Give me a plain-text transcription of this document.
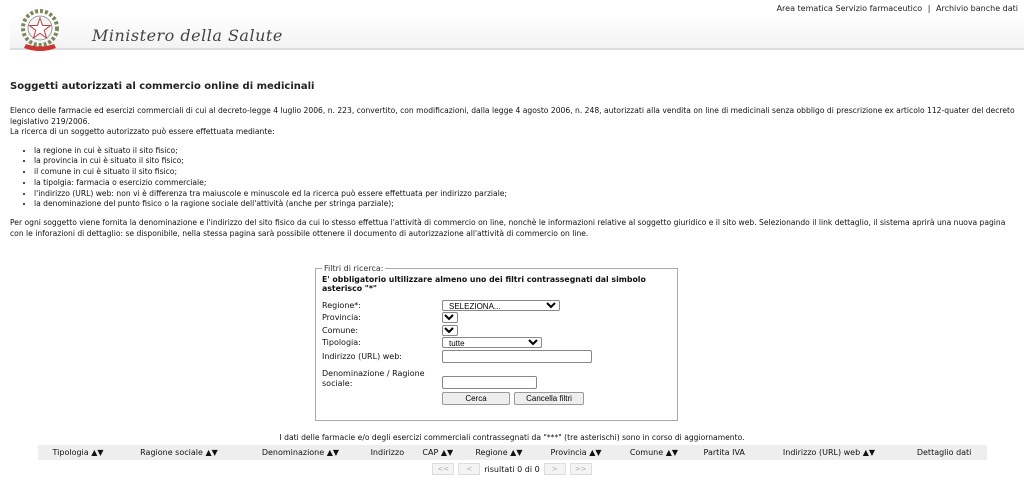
Area tematica Servizio farmaceutico | Archivio banche dati
Ministero della Salute
Soggetti autorizzati al commercio online di medicinali

Elenco delle farmacie ed esercizi commerciali di cui al decreto-legge 4 luglio 2006, n. 223, convertito, con modificazioni, dalla legge 4 agosto 2006, n. 248, autorizzati alla vendita on line di medicinali senza obbligo di prescrizione ex articolo 112-quater del decreto legislativo 219/2006.

La ricerca di un soggetto autorizzato può essere effettuata mediante:

• la regione in cui è situato il sito fisico;
• la provincia in cui è situato il sito fisico;
• il comune in cui è situato il sito fisico;
• la tipolgia: farmacia o esercizio commerciale;
• l'indirizzo (URL) web: non vi è differenza tra maiuscole e minuscole ed la ricerca può essere effettuata per indirizzo parziale;
• la denominazione del punto fisico o la ragione sociale dell'attività (anche per stringa parziale);

Per ogni soggetto viene fornita la denominazione e l'indirizzo del sito fisico da cui lo stesso effettua l'attività di commercio on line, nonchè le informazioni relative al soggetto giuridico e il sito web. Selezionando il link dettaglio, il sistema aprirà una nuova pagina con le inforazioni di dettaglio: se disponibile, nella stessa pagina sarà possibile ottenere il documento di autorizzazione all'attività di commercio on line.

Filtri di ricerca:
E' obbligatorio ultilizzare almeno uno dei filtri contrassegnati dal simbolo asterisco "*"
Regione*:
SELEZIONA...
Provincia:
-
Comune:
-
Tipologia:
tutte
Indirizzo (URL) web:
Denominazione / Ragione sociale:
Cerca	Cancella filtri
I dati delle farmacie e/o degli esercizi commerciali contrassegnati da "***" (tre asterischi) sono in corso di aggiornamento.
Tipologia ▲▼	Ragione sociale ▲▼	Denominazione ▲▼	Indirizzo	CAP ▲▼	Regione ▲▼	Provincia ▲▼	Comune ▲▼	Partita IVA	Indirizzo (URL) web ▲▼	Dettaglio dati
<<	<	risultati 0 di 0	>	>>
